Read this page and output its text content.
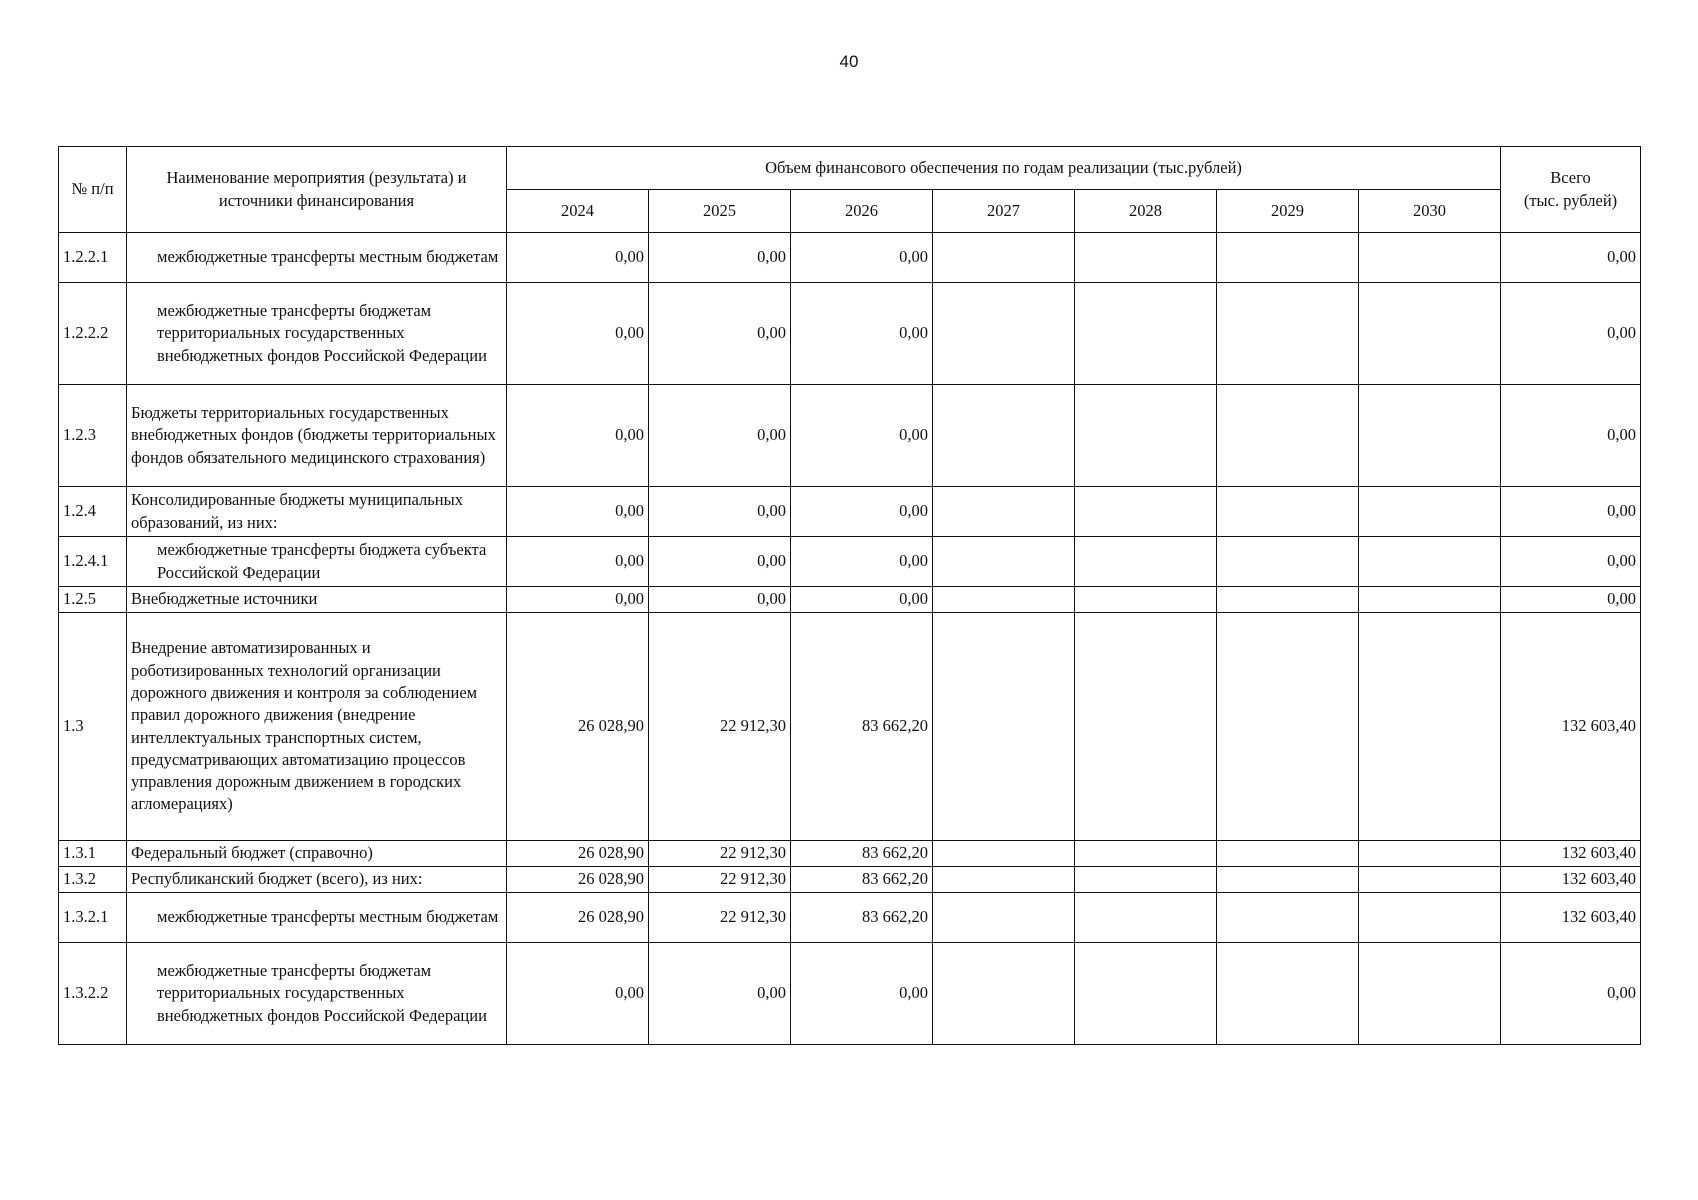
40
№ п/п	Наименование мероприятия (результата) и источники финансирования	Объем финансового обеспечения по годам реализации (тыс.рублей)							Всего
(тыс. рублей)

		2024	2025	2026	2027	2028	2029	2030	
1.2.2.1	межбюджетные трансферты местным бюджетам	0,00	0,00	0,00					0,00
1.2.2.2	межбюджетные трансферты бюджетам территориальных государственных внебюджетных фондов Российской Федерации	0,00	0,00	0,00					0,00
1.2.3	Бюджеты территориальных государственных внебюджетных фондов (бюджеты территориальных фондов обязательного медицинского страхования)	0,00	0,00	0,00					0,00
1.2.4	Консолидированные бюджеты муниципальных образований, из них:	0,00	0,00	0,00					0,00
1.2.4.1	межбюджетные трансферты бюджета субъекта Российской Федерации	0,00	0,00	0,00					0,00
1.2.5	Внебюджетные источники	0,00	0,00	0,00					0,00
1.3	Внедрение автоматизированных и роботизированных технологий организации дорожного движения и контроля за соблюдением правил дорожного движения (внедрение интеллектуальных транспортных систем, предусматривающих автоматизацию процессов управления дорожным движением в городских агломерациях)	26 028,90	22 912,30	83 662,20					132 603,40
1.3.1	Федеральный бюджет (справочно)	26 028,90	22 912,30	83 662,20					132 603,40
1.3.2	Республиканский бюджет (всего), из них:	26 028,90	22 912,30	83 662,20					132 603,40
1.3.2.1	межбюджетные трансферты местным бюджетам	26 028,90	22 912,30	83 662,20					132 603,40
1.3.2.2	межбюджетные трансферты бюджетам территориальных государственных внебюджетных фондов Российской Федерации	0,00	0,00	0,00					0,00
